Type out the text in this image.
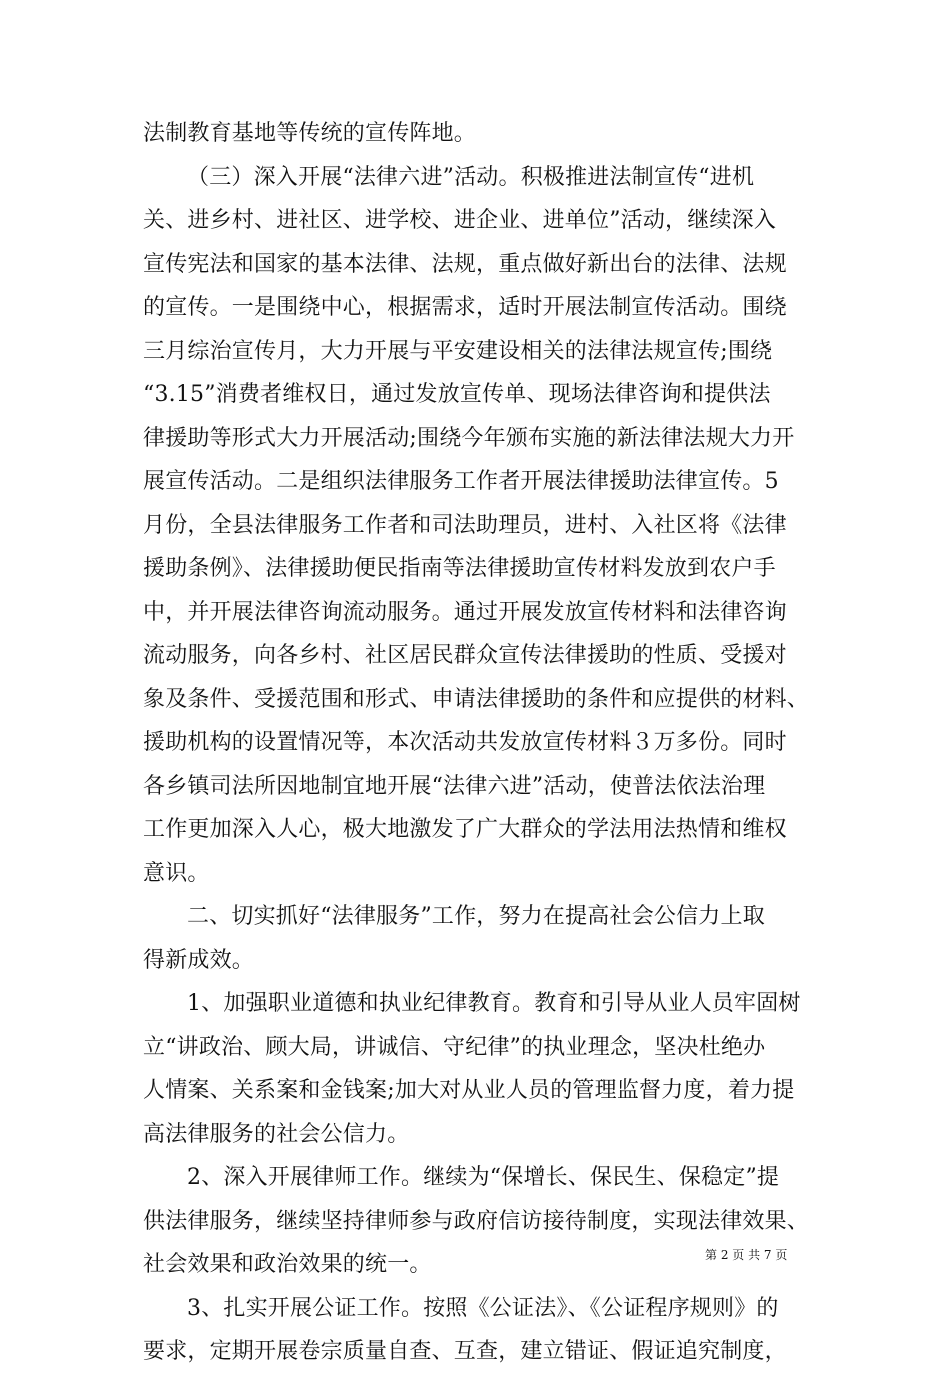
法制教育基地等传统的宣传阵地。
（三）深入开展“法律六进”活动。积极推进法制宣传“进机
关、进乡村、进社区、进学校、进企业、进单位”活动，继续深入
宣传宪法和国家的基本法律、法规，重点做好新出台的法律、法规
的宣传。一是围绕中心，根据需求，适时开展法制宣传活动。围绕
三月综治宣传月，大力开展与平安建设相关的法律法规宣传;围绕
“3.15”消费者维权日，通过发放宣传单、现场法律咨询和提供法
律援助等形式大力开展活动;围绕今年颁布实施的新法律法规大力开
展宣传活动。二是组织法律服务工作者开展法律援助法律宣传。5
月份，全县法律服务工作者和司法助理员，进村、入社区将《法律
援助条例》、法律援助便民指南等法律援助宣传材料发放到农户手
中，并开展法律咨询流动服务。通过开展发放宣传材料和法律咨询
流动服务，向各乡村、社区居民群众宣传法律援助的性质、受援对
象及条件、受援范围和形式、申请法律援助的条件和应提供的材料、
援助机构的设置情况等，本次活动共发放宣传材料３万多份。同时
各乡镇司法所因地制宜地开展“法律六进”活动，使普法依法治理
工作更加深入人心，极大地激发了广大群众的学法用法热情和维权
意识。
二、切实抓好“法律服务”工作，努力在提高社会公信力上取
得新成效。
1、加强职业道德和执业纪律教育。教育和引导从业人员牢固树
立“讲政治、顾大局，讲诚信、守纪律”的执业理念，坚决杜绝办
人情案、关系案和金钱案;加大对从业人员的管理监督力度，着力提
高法律服务的社会公信力。
2、深入开展律师工作。继续为“保增长、保民生、保稳定”提
供法律服务，继续坚持律师参与政府信访接待制度，实现法律效果、
社会效果和政治效果的统一。
3、扎实开展公证工作。按照《公证法》、《公证程序规则》的
要求，定期开展卷宗质量自查、互查，建立错证、假证追究制度，
第 2 页 共 7 页
